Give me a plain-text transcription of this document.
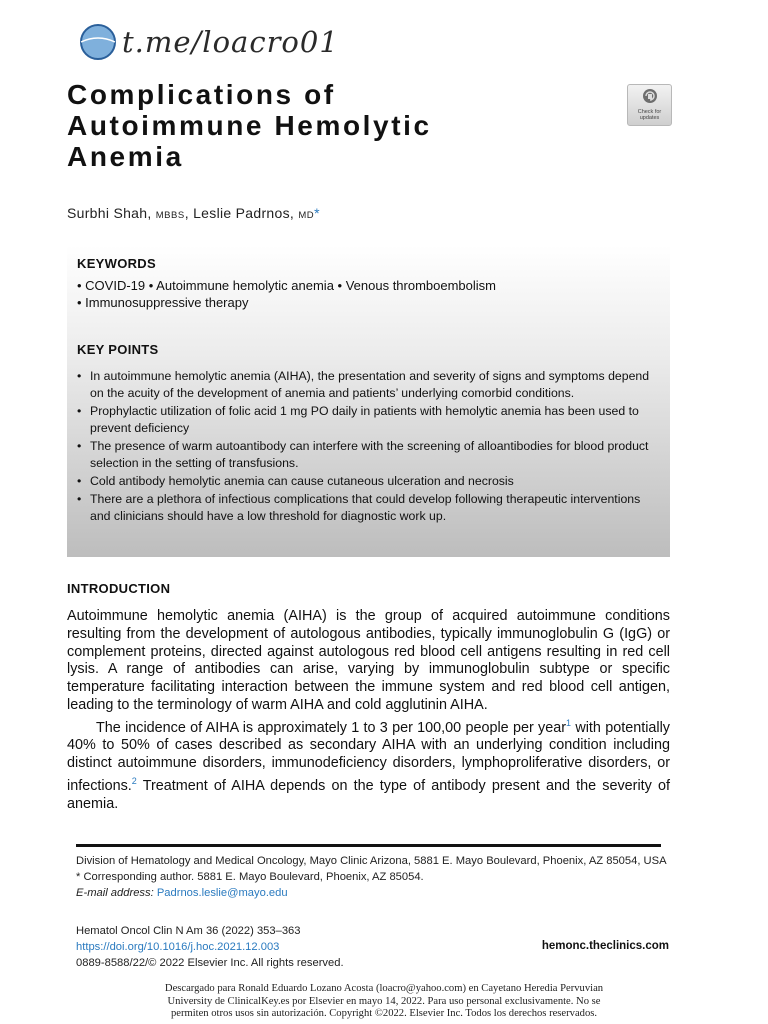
t.me/loacro01
Check for
updates
Complications of
Autoimmune Hemolytic
Anemia
Surbhi Shah, MBBS, Leslie Padrnos, MD*
KEYWORDS
• COVID-19 • Autoimmune hemolytic anemia • Venous thromboembolism
• Immunosuppressive therapy
KEY POINTS
• In autoimmune hemolytic anemia (AIHA), the presentation and severity of signs and symptoms depend on the acuity of the development of anemia and patients’ underlying comorbid conditions.
• Prophylactic utilization of folic acid 1 mg PO daily in patients with hemolytic anemia has been used to prevent deficiency
• The presence of warm autoantibody can interfere with the screening of alloantibodies for blood product selection in the setting of transfusions.
• Cold antibody hemolytic anemia can cause cutaneous ulceration and necrosis
• There are a plethora of infectious complications that could develop following therapeutic interventions and clinicians should have a low threshold for diagnostic work up.
INTRODUCTION

Autoimmune hemolytic anemia (AIHA) is the group of acquired autoimmune conditions resulting from the development of autologous antibodies, typically immunoglobulin G (IgG) or complement proteins, directed against autologous red blood cell antigens resulting in red cell lysis. A range of antibodies can arise, varying by immunoglobulin subtype or specific temperature facilitating interaction between the immune system and red blood cell antigen, leading to the terminology of warm AIHA and cold agglutinin AIHA.

The incidence of AIHA is approximately 1 to 3 per 100,00 people per year$^1$ with potentially 40% to 50% of cases described as secondary AIHA with an underlying condition including distinct autoimmune disorders, immunodeficiency disorders, lymphoproliferative disorders, or infections.$^2$ Treatment of AIHA depends on the type of antibody present and the severity of anemia.

Division of Hematology and Medical Oncology, Mayo Clinic Arizona, 5881 E. Mayo Boulevard, Phoenix, AZ 85054, USA
* Corresponding author. 5881 E. Mayo Boulevard, Phoenix, AZ 85054.
E-mail address: Padrnos.leslie@mayo.edu
Hematol Oncol Clin N Am 36 (2022) 353–363
https://doi.org/10.1016/j.hoc.2021.12.003
0889-8588/22/© 2022 Elsevier Inc. All rights reserved.
hemonc.theclinics.com
Descargado para Ronald Eduardo Lozano Acosta (loacro@yahoo.com) en Cayetano Heredia Pervuvian
University de ClinicalKey.es por Elsevier en mayo 14, 2022. Para uso personal exclusivamente. No se
permiten otros usos sin autorización. Copyright ©2022. Elsevier Inc. Todos los derechos reservados.
